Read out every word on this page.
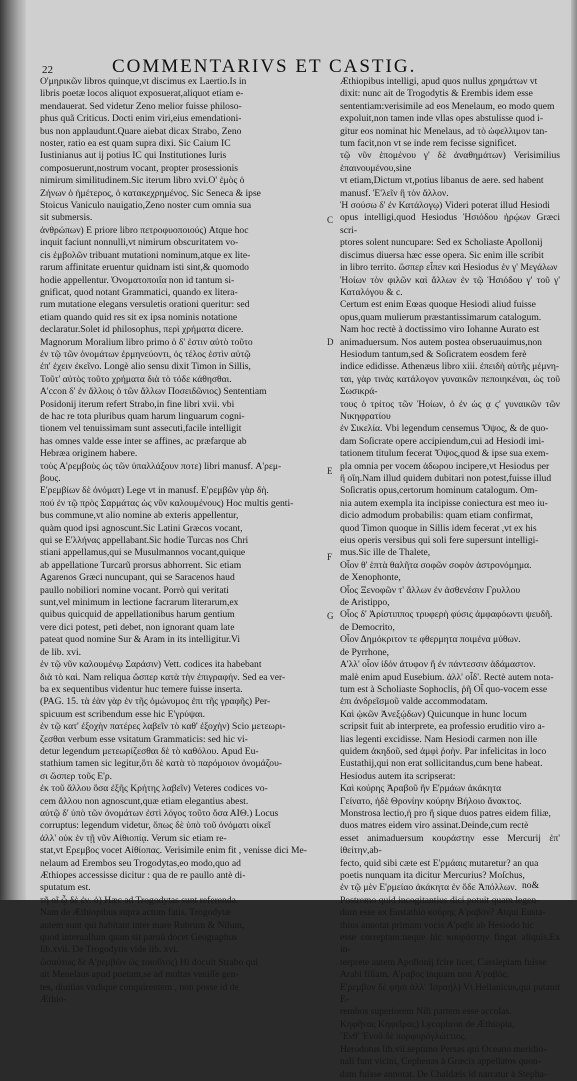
22	COMMENTARIVS ET CASTIG.

O'μηρικῶν libros quinque,vt discimus ex Laertio.Is in

libris poetæ locos aliquot exposuerat,aliquot etiam e-

mendauerat. Sed videtur Zeno melior fuisse philoso-

phus quã Criticus. Docti enim viri,eius emendationi-

bus non applaudunt.Quare aiebat dicax Strabo, Zeno

noster, ratio ea est quam supra dixi. Sic Caium IC

Iustinianus aut ij potius IC qui Institutiones Iuris

composuerunt,nostrum vocant, propter prosessionis

nimirum similitudinem.Sic iterum libro xvi.O' ἐμὸς ὁ

Ζήνων ὁ ἡμέτερος, ὁ κατακεχρημένος. Sic Seneca & ipse

Stoicus Vaniculo nauigatio,Zeno noster cum omnia sua

sit submersis.

ἀνθρώπων) E priore libro πετροφυοποιούς) Atque hoc

inquit faciunt nonnulli,vt nimirum obscuritatem vo-

cis ἐμβολῶν tribuant mutationi nominum,atque ex lite-

rarum affinitate eruentur quidnam isti sint,& quomodo

hodie appellentur. Ὀνοματοποιΐα non id tantum si-

gnificat, quod notant Grammatici, quando ex litera-

rum mutatione elegans versuletis orationi queritur: sed

etiam quando quid res sit ex ipsa nominis notatione

declaratur.Solet id philosophus, περὶ χρήματα dicere.

Magnorum Moralium libro primo ὁ δ' ἐστιν αὐτὸ τοῦτο

ἐν τῷ τῶν ὁνομάτων ἐρμηνεύοντι, ὁς τέλος ἐστὶν αὐτῷ

ἐπ' ἐχειν ἐκεῖνο. Longè alio sensu dixit Timon in Sillis,

Τοῦτ' αὐτὸς τοῦτο χρήματα διὰ τὸ τόδε κάθησθαι.

A'ccon δ' ἐν ἄλλοις ὁ τῶν ἄλλων Ποσειδῶνιος) Sententiam

Posidonij iterum refert Strabo,in fine libri xvii. vbi

de hac re tota pluribus quam harum linguarum cogni-

tionem vel tenuissimam sunt assecuti,facile intelligit

has omnes valde esse inter se affines, ac præfarque ab

Hebræa originem habere.

τοὺς Α'ρεμβοὺς ὡς τῶν ὑπαλλάξουν ποτε) libri manusf. Α'ρεμ-

βους.

Ε'ρεμβίων δὲ ὀνόματ) Lege vt in manusf. Ε'ρεμβῶν γὰρ δὴ.

πού ἐν τῷ πρὸς Σαρμάτας ὡς νῦν καλουμένους) Hoc multis genti-

bus commune,vt alio nomine ab exteris appellentur,

quàm quod ipsi agnoscunt.Sic Latini Græcos vocant,

qui se Ε'λλήνας appellabant.Sic hodie Turcas nos Chri

stiani appellamus,qui se Musulmannos vocant,quique

ab appellatione Turcarũ prorsus abhorrent. Sic etiam

Agarenos Græci nuncupant, qui se Saracenos haud

paullo nobiliori nomine vocant. Porrò qui veritati

sunt,vel minimum in lectione facrarum literarum,ex

quibus quicquid de appellationibus harum gentium

vere dici potest, peti debet, non ignorant quam late

pateat quod nomine Sur & Aram in its intelligitur.Vi

de lib. xvi.

ἐν τῷ νῦν καλουμένῳ Σαράσιν) Vett. codices ita habebant

διὰ τὸ καὶ. Nam reliqua ὥσπερ κατὰ τὴν ἐπιγραφήν. Sed ea ver-

ba ex sequentibus videntur huc temere fuisse inserta.

(PAG. 15. τὰ ἐὰν γὰρ ἐν τῆς ὁμώνυμος ἐπι τῆς γραφῆς) Per-

spicuum est scribendum esse hic Ε'γρύψαι.

ἐν τῷ κατ' ἐξοχὴν πατέρες λαβεῖν τὸ καθ' ἐξοχὴν) Scio μετεωρι-

ζεσθαι verbum esse vsitatum Grammaticis: sed hic vi-

detur legendum μετεωρίζεσθαι δὲ τὸ καθόλου. Apud Eu-

stathium tamen sic legitur,ὅτι δὲ κατὰ τὸ παρόμοιον ὀνομάζου-

σι ὥσπερ τοῦς Ε'ρ.

ἐκ τοῦ ἄλλου ὅσα ἐξῆς Κρήτης λαβεῖν) Veteres codices vo-

cem ἄλλου non agnoscunt,quæ etiam elegantius abest.

αὐτῷ δ' ὑπὸ τῶν ὀνομάτων ἐστὶ λόγος τοῦτο ὅσα ΑΙΘ.) Locus

corruptus: legendum videtur, ὅπως δὲ ὑπὸ τοῦ ὀνόματι οἰκεῖ

ἀλλ' οὐκ ἐν τῇ νῦν Αἰθιοπίᾳ. Verum sic etiam re-

stat,vt Ερεμβος vocet Αἰθίοπας. Verisimile enim fit , venisse dici Me-

nelaum ad Erembos seu Trogodytas,eo modo,quo ad

Æthiopes accessisse dicitur : qua de re paullo antè di-

sputatum est.

τῆ οῖ ᾧ δὲ ἐν. ὁ) Hæc ad Trogodytas sunt referenda.

Nam de Æthiopibus supra actum fatis. Trogodytæ

autem sunt qui habitant inter mare Rubrum & Nilum,

quod interuallum quam sit paruũ docet Geographus

lib.xvii. De Trogodytis vide lib. xvi.

ὡσαύτως δὲ Α'ρεμβῶν ὡς τοιοῦτος) Hi docuit Strabo qui

ait Menelaus apud poetam,se ad multas veniſſe gen-

tes, diuitias vndique conquirentem , non posse id de

Æthio-

Æthiopibus intelligi, apud quos nullus χρημάτων vt

dixit: nunc ait de Trogodytis & Erembis idem esse

sententiam:verisimile ad eos Menelaum, eo modo quem

expoluit,non tamen inde vllas opes abstulisse quod i-

gitur eos nominat hic Menelaus, ad τὸ ὠφελλιμον tan-

tum facit,non vt se inde rem fecisse significet.

τῷ νῦν ἑπομένου γ' δὲ ἀναθημάτων) Verisimilius ἑπαινουμένου,sine

vt etiam,Dictum vt,potius libanus de aere. sed habent

manusf. Ἑ'λεῖν ἢ τὸν ἄλλον.

Ἡ σούσω δ' ἐν Κατάλογῳ) Videri poterat illud Hesiodi

opus intelligi,quod Hesiodus Ἡσιόδου ἡρῴων Græci scri-

ptores solent nuncupare: Sed ex Scholiaste Apollonij

discimus diuersa hæc esse opera. Sic enim ille scribit

in libro territo. ὥσπερ εἶπεν καὶ Hesiodus ἐν γ' Μεγάλων

Ἠοίων τὸν φιλῶν καὶ ἄλλων ἐν τῷ Ἡσιόδου γ' τοῦ γ' Καταλόγου & c.

Certum est enim Eœas quoque Hesiodi aliud fuisse

opus,quam mulierum præstantissimarum catalogum.

Nam hoc rectè à doctissimo viro Iohanne Aurato est

animaduersum. Nos autem postea obseruauimus,non

Hesiodum tantum,sed & Soſicratem eosdem ferè

indice edidisse. Athenæus libro xiii. ἐπειδὴ αὐτῆς μέμνη-

ται, γὰρ τινὰς κατάλογον γυναικῶν πεποιηκέναι, ὡς τοῦ Σωσικρά-

τους ὁ τρίτος τῶν Ἠοίων, ὁ ἐν ὡς ᾳ ϛ' γυναικῶν τῶν Νικηφρατίου

ἐν Σικελία. Vbi legendum censemus Ὄψος, & de quo-

dam Soſicrate opere accipiendum,cui ad Hesiodi imi-

tationem titulum fecerat Ὄψος,quod & ipse sua exem-

pla omnia per vocem ἀδωρου incipere,vt Hesiodus per

ἢ οἴη.Nam illud quidem dubitari non potest,fuisse illud

Soſicratis opus,certorum hominum catalogum. Om-

nia autem exempla ita incipisse coniectura est meo iu-

dicio admodum probabilis: quam etiam confirmat,

quod Timon quoque in Sillis idem fecerat ,vt ex his

eius operis versibus qui soli fere supersunt intelligi-

mus.Sic ille de Thalete,

Οἷον θ' ἑπτὰ θαλῆτα σοφῶν σοφὸν ἀστρονόμημα.

de Xenophonte,

Οἷος Ξενοφῶν τ' ἄλλων ἐν ἀσθενέσιν Γρυλλου

de Aristippo,

Οἷος δ' Ἀρίστιππος τρυφερὴ φύσις ἀμφαφόωντι ψευδῆ.

de Democrito,

Οἷον Δημόκριτον τε φθερμητα ποιμένα μύθων.

de Pyrrhone,

Α'λλ' οἷον ἰδόν ἀτυφον ἢ ἐν πάντεσσιν ἀδάμαστον.

malè enim apud Eusebium. ἀλλ' οἶδ'. Rectè autem nota-

tum est à Scholiaste Sophoclis, ῥῆ Οἷ quo-vocem esse

ἐπι ἀνδρεῖσμοῦ valde accommodatam.

Καὶ ᾠκῶν Ἀνεξῴδων) Quicunque in hunc locum

scripsit fuit ab interprete, ea professio eruditio viro a-

lias legenti excidisse. Nam Hesiodi carmen non ille

quidem ἀκηδοῦ, sed ἀμφὶ ῥοὴν. Par infelicitas in loco

Eustathij,qui non erat sollicitandus,cum bene habeat.

Hesiodus autem ita scripserat:

Καὶ κούρης Ἀραβοῦ ἣν Ε'ρμάων ἀκάκητα

Γείνατο, ἠδὲ Θρονίην κούρην Βήλοιο ἄνακτος.

Monstrosa lectio,ἡ pro ἥ sique duos patres eidem filiæ,

duos matres eidem viro assinat.Deinde,cum rectè

esset animaduersum κουράστην esse Mercurij ἐπ' ἰθείτην,ab-

fecto, quid sibi cæte est Ε'ρμάαις mutaretur? an qua

poetis nunquam ita dicitur Mercurius? Moſchus,

ἐν τῷ μὲν Ε'ρμείαο ἀκάκητα ἐν ὅδε Ἀπόλλων.

Postremo quid incogitantius dici potuit quam legen-

dum esse ex Eustathio κούρης Α'ραβόν? Atqui Eusta-

thius annotat primam vocis Α'ραβε ab Hesiodo hic

esse correptam:neque hic κουράστην fingat aliquis.Ex in-

terprete autem Apollonij fcire licet, Cassiepiam fuisse

Arabi filiam. Α'ραβος inquam non Α'ραβός.

Ε'ρεμβον δὲ φησι ἀλλ' Ἰσραήλ) Vt Hellanicus,qui putauit E-

rembos superiorem Nili partem esse accolas.

Κηφῆνας Κηφεῖρας) Lycophron de Æthiopia,

Ἔνθ' Ἑνοῦ δὲ πορφυρόγλώττιος.

Herodotus lib.vii.septimo Persas qui Oceano meridio-

nali funt vicini, Cephenas à Græcis appellatos quon-

dam fuisse annotat. De Chaldæis id narratur à Stepha-

C
D
E
F
G
no&
